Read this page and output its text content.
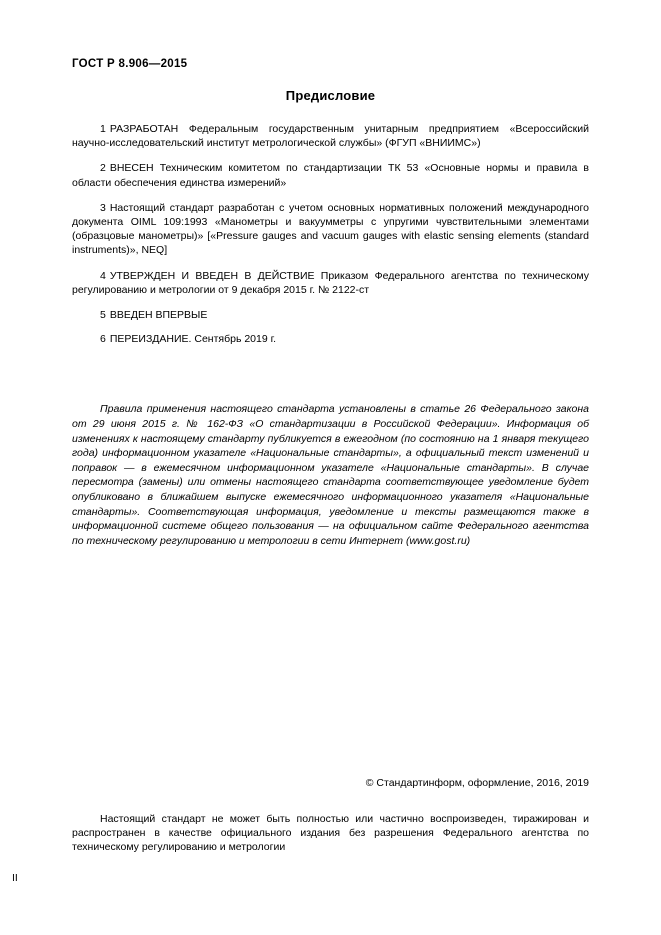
ГОСТ Р 8.906—2015
Предисловие

1 РАЗРАБОТАН Федеральным государственным унитарным предприятием «Всероссийский научно-исследовательский институт метрологической службы» (ФГУП «ВНИИМС»)

2 ВНЕСЕН Техническим комитетом по стандартизации ТК 53 «Основные нормы и правила в области обеспечения единства измерений»

3 Настоящий стандарт разработан с учетом основных нормативных положений международного документа OIML 109:1993 «Манометры и вакуумметры с упругими чувствительными элементами (образцовые манометры)» [«Pressure gauges and vacuum gauges with elastic sensing elements (standard instruments)», NEQ]

4 УТВЕРЖДЕН И ВВЕДЕН В ДЕЙСТВИЕ Приказом Федерального агентства по техническому регулированию и метрологии от 9 декабря 2015 г. № 2122-ст

5 ВВЕДЕН ВПЕРВЫЕ

6 ПЕРЕИЗДАНИЕ. Сентябрь 2019 г.

Правила применения настоящего стандарта установлены в статье 26 Федерального закона от 29 июня 2015 г. № 162-ФЗ «О стандартизации в Российской Федерации». Информация об изменениях к настоящему стандарту публикуется в ежегодном (по состоянию на 1 января текущего года) информационном указателе «Национальные стандарты», а официальный текст изменений и поправок — в ежемесячном информационном указателе «Национальные стандарты». В случае пересмотра (замены) или отмены настоящего стандарта соответствующее уведомление будет опубликовано в ближайшем выпуске ежемесячного информационного указателя «Национальные стандарты». Соответствующая информация, уведомление и тексты размещаются также в информационной системе общего пользования — на официальном сайте Федерального агентства по техническому регулированию и метрологии в сети Интернет (www.gost.ru)

© Стандартинформ, оформление, 2016, 2019

Настоящий стандарт не может быть полностью или частично воспроизведен, тиражирован и распространен в качестве официального издания без разрешения Федерального агентства по техническому регулированию и метрологии

II
